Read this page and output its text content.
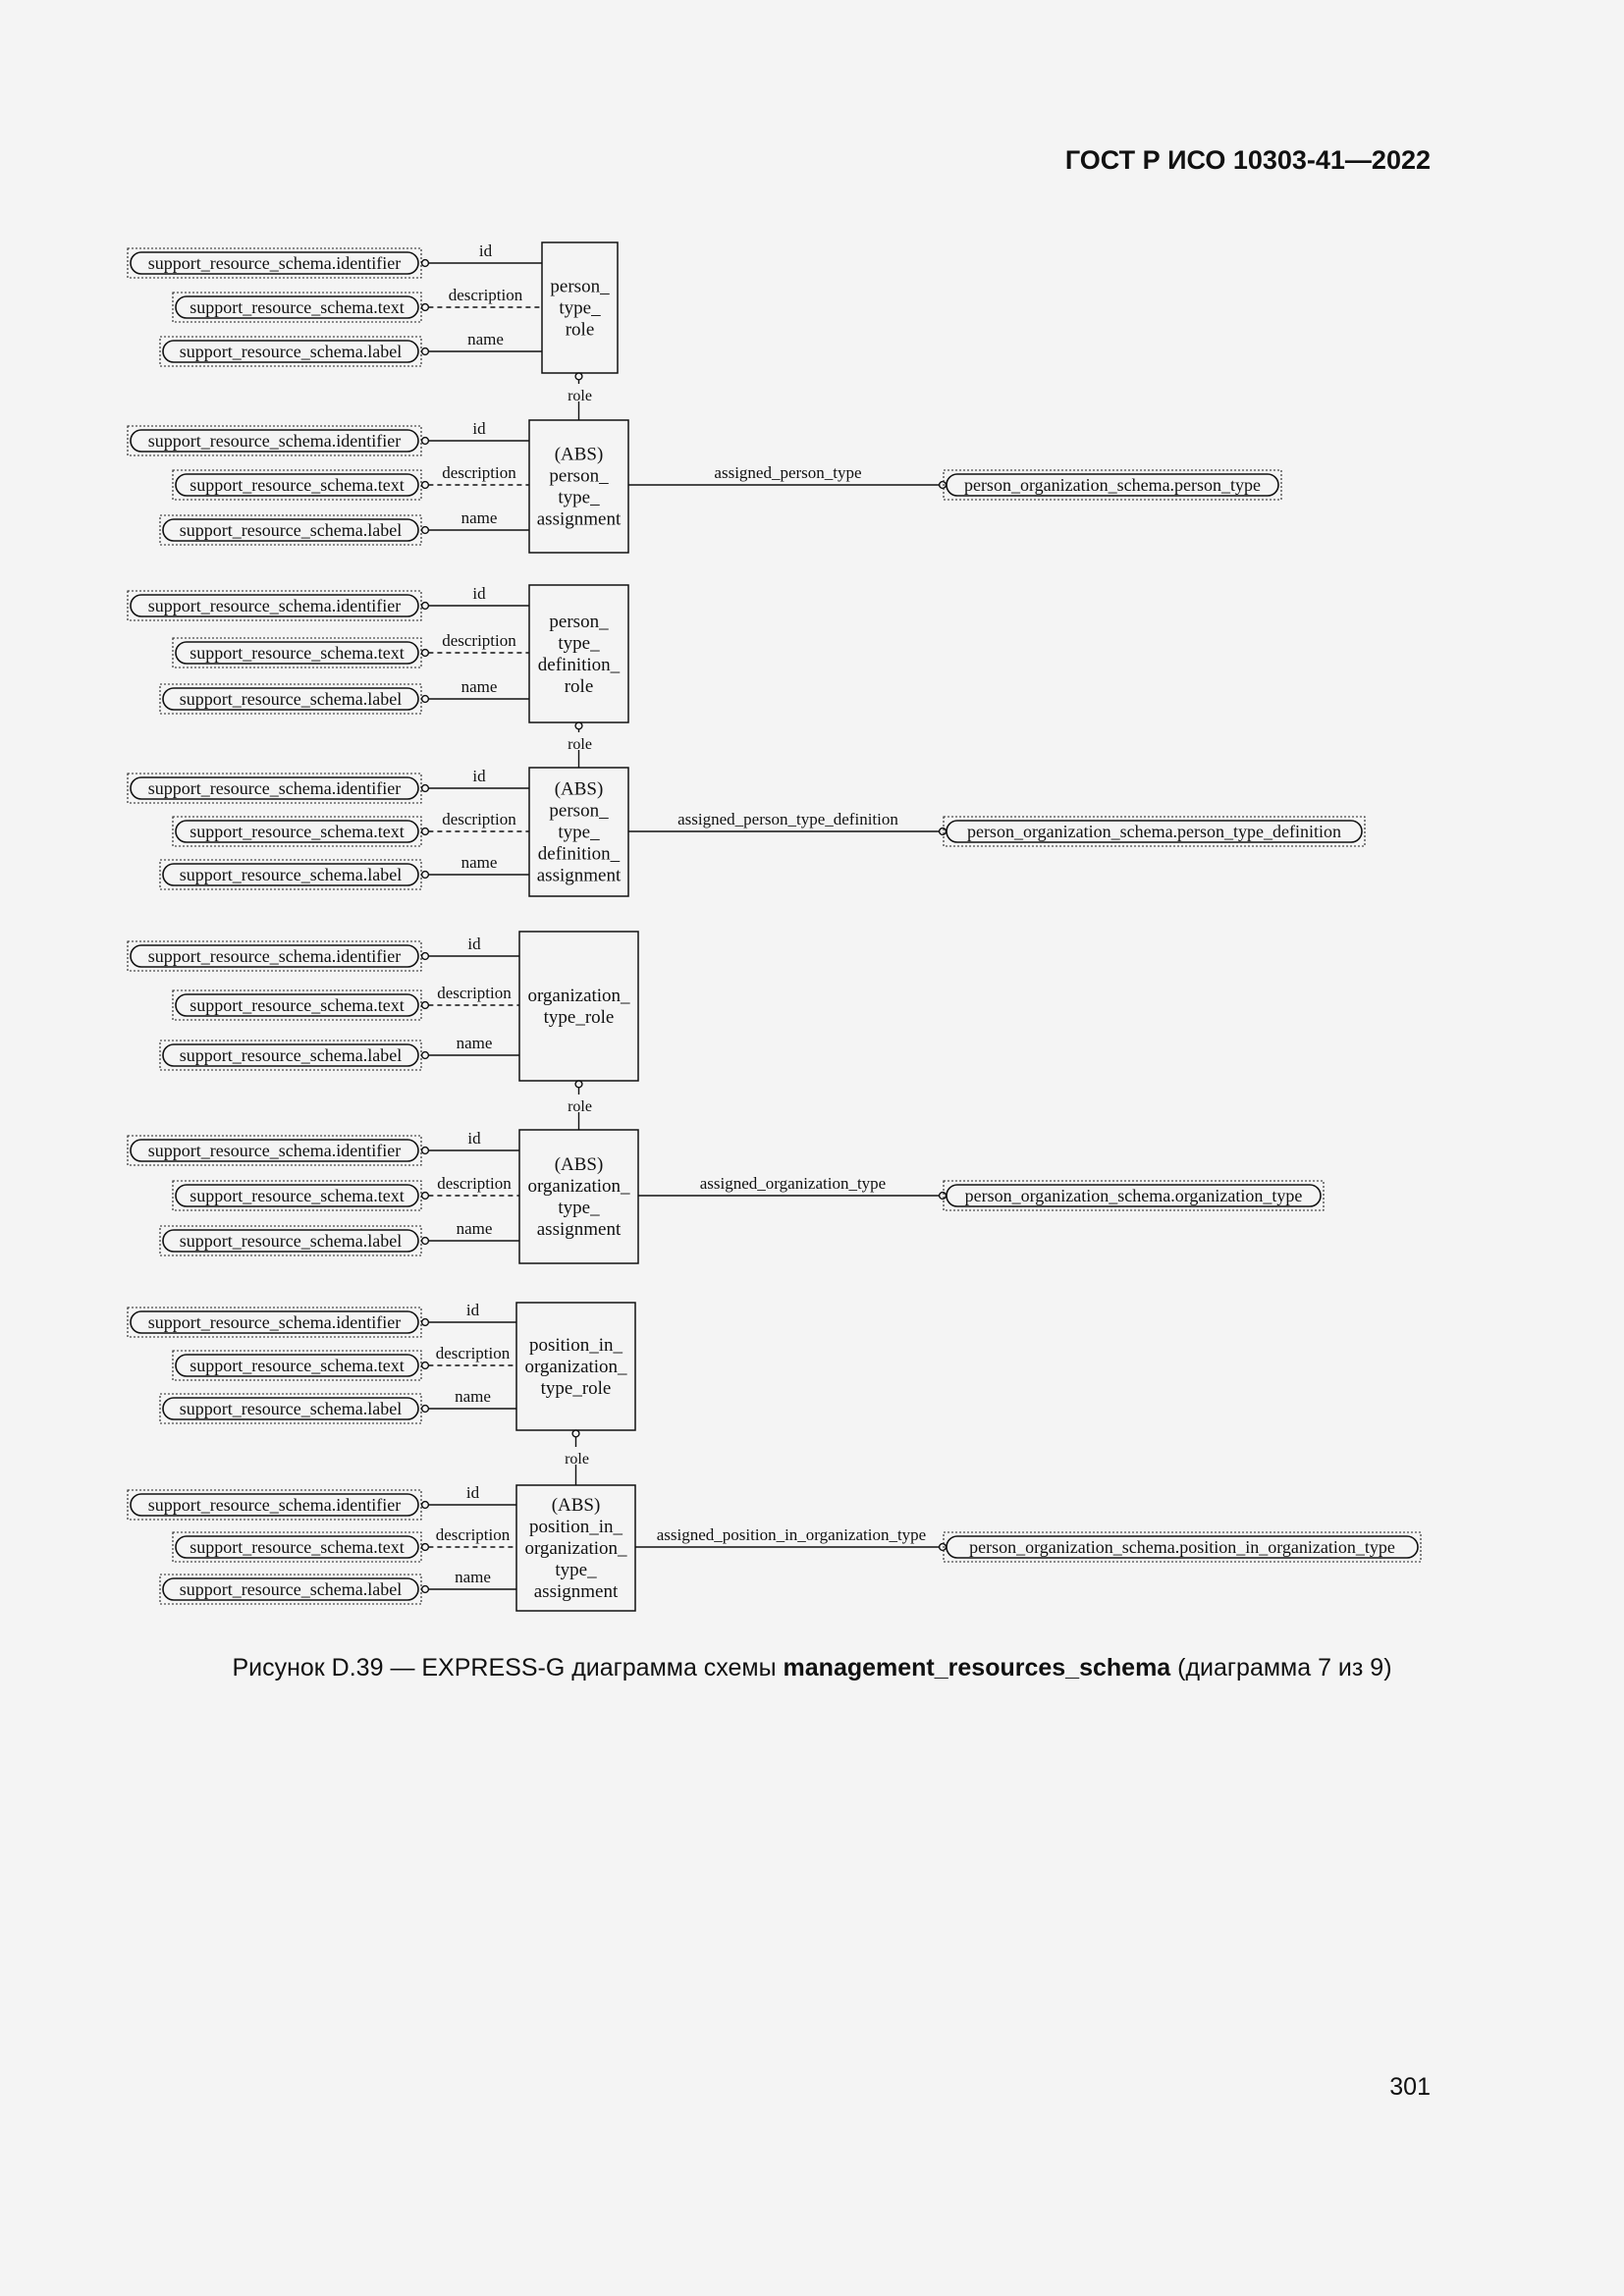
ГОСТ Р ИСО 10303-41—2022
support_resource_schema.identifier
id
support_resource_schema.text
description
support_resource_schema.label
name
person_
type_
role
support_resource_schema.identifier
id
support_resource_schema.text
description
support_resource_schema.label
name
(ABS)
person_
type_
assignment
role
assigned_person_type
person_organization_schema.person_type
support_resource_schema.identifier
id
support_resource_schema.text
description
support_resource_schema.label
name
person_
type_
definition_
role
support_resource_schema.identifier
id
support_resource_schema.text
description
support_resource_schema.label
name
(ABS)
person_
type_
definition_
assignment
role
assigned_person_type_definition
person_organization_schema.person_type_definition
support_resource_schema.identifier
id
support_resource_schema.text
description
support_resource_schema.label
name
organization_
type_role
support_resource_schema.identifier
id
support_resource_schema.text
description
support_resource_schema.label
name
(ABS)
organization_
type_
assignment
role
assigned_organization_type
person_organization_schema.organization_type
support_resource_schema.identifier
id
support_resource_schema.text
description
support_resource_schema.label
name
position_in_
organization_
type_role
support_resource_schema.identifier
id
support_resource_schema.text
description
support_resource_schema.label
name
(ABS)
position_in_
organization_
type_
assignment
role
assigned_position_in_organization_type
person_organization_schema.position_in_organization_type
Рисунок D.39 — EXPRESS-G диаграмма схемы management_resources_schema (диаграмма 7 из 9)
301
